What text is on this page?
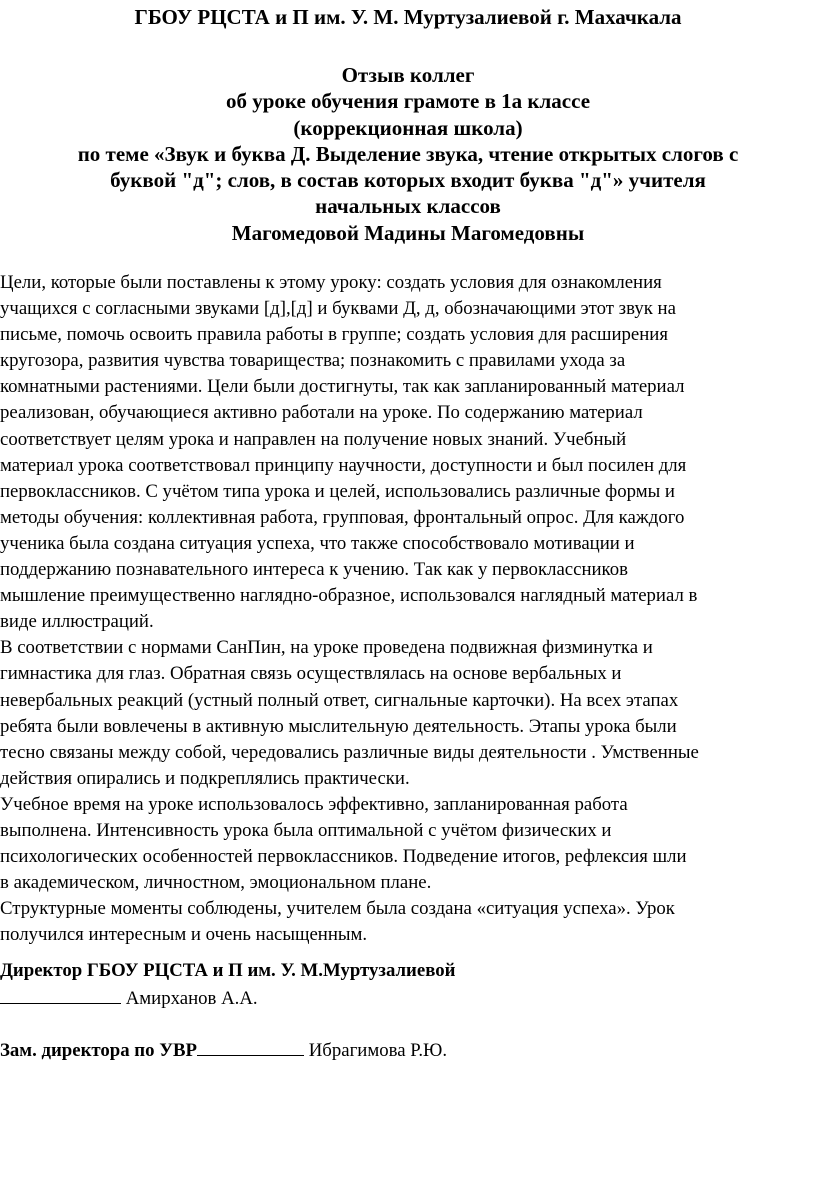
ГБОУ РЦСТА и П им. У. М. Муртузалиевой г. Махачкала
Отзыв коллег
об уроке обучения грамоте в 1а классе
(коррекционная школа)
по теме «Звук и буква Д. Выделение звука, чтение открытых слогов с
буквой "д"; слов, в состав которых входит буква "д"» учителя
начальных классов
Магомедовой Мадины Магомедовны
Цели, которые были поставлены к этому уроку: создать условия для ознакомления
учащихся с согласными звуками [д],[д] и буквами Д, д, обозначающими этот звук на
письме, помочь освоить правила работы в группе; создать условия для расширения
кругозора, развития чувства товарищества; познакомить с правилами ухода за
комнатными растениями. Цели были достигнуты, так как запланированный материал
реализован, обучающиеся активно работали на уроке. По содержанию материал
соответствует целям урока и направлен на получение новых знаний. Учебный
материал урока соответствовал принципу научности, доступности и был посилен для
первоклассников. С учётом типа урока и целей, использовались различные формы и
методы обучения: коллективная работа, групповая, фронтальный опрос. Для каждого
ученика была создана ситуация успеха, что также способствовало мотивации и
поддержанию познавательного интереса к учению. Так как у первоклассников
мышление преимущественно наглядно-образное, использовался наглядный материал в
виде иллюстраций.
В соответствии с нормами СанПин, на уроке проведена подвижная физминутка и
гимнастика для глаз. Обратная связь осуществлялась на основе вербальных и
невербальных реакций (устный полный ответ, сигнальные карточки). На всех этапах
ребята были вовлечены в активную мыслительную деятельность. Этапы урока были
тесно связаны между собой, чередовались различные виды деятельности . Умственные
действия опирались и подкреплялись практически.
Учебное время на уроке использовалось эффективно, запланированная работа
выполнена. Интенсивность урока была оптимальной с учётом физических и
психологических особенностей первоклассников. Подведение итогов, рефлексия шли
в академическом, личностном, эмоциональном плане.
Структурные моменты соблюдены, учителем была создана «ситуация успеха». Урок
получился интересным и очень насыщенным.
Директор ГБОУ РЦСТА и П им. У. М.Муртузалиевой
Амирханов А.А.
Зам. директора по УВР	Ибрагимова Р.Ю.
